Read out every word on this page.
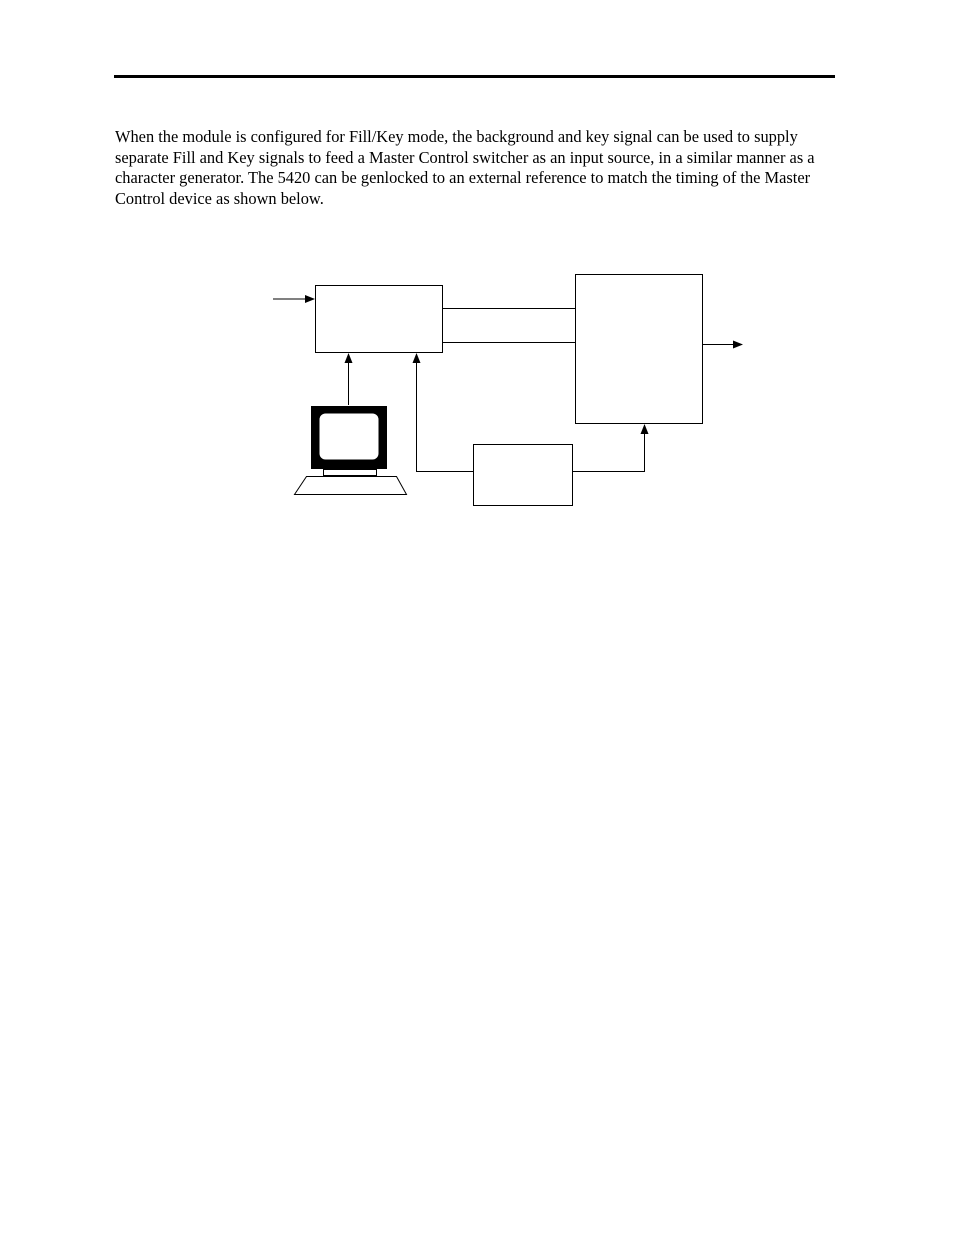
When the module is configured for Fill/Key mode, the background and key signal can be used to supply separate Fill and Key signals to feed a Master Control switcher as an input source, in a similar manner as a character generator. The 5420 can be genlocked to an external reference to match the timing of the Master Control device as shown below.
